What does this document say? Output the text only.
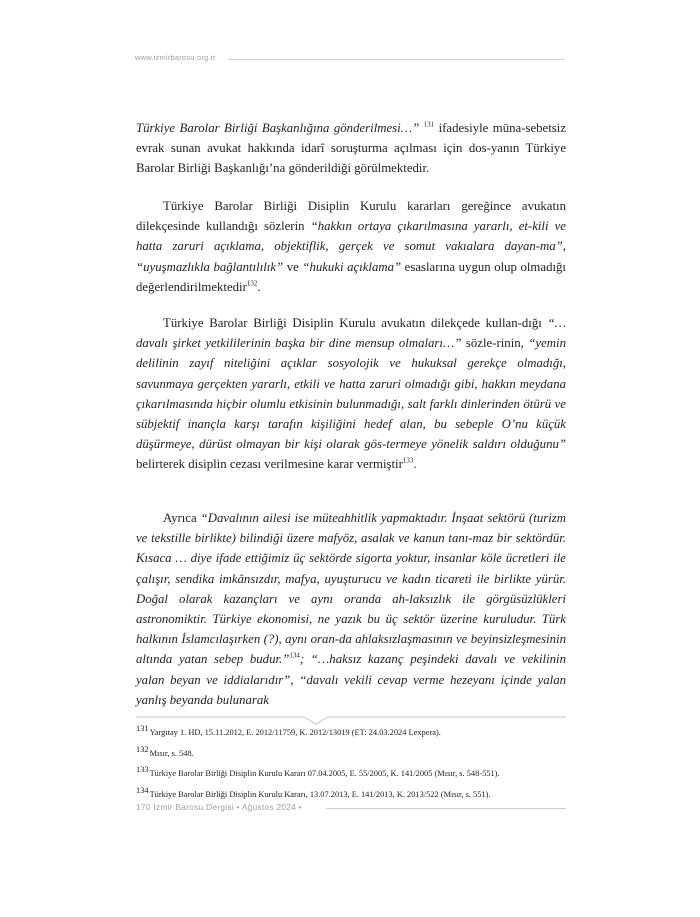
www.izmirbarosu.org.tr
Türkiye Barolar Birliği Başkanlığına gönderilmesi…” $^{131}$ ifadesiyle müna-sebetsiz evrak sunan avukat hakkında idarî soruşturma açılması için dos-yanın Türkiye Barolar Birliği Başkanlığı’na gönderildiği görülmektedir.
Türkiye Barolar Birliği Disiplin Kurulu kararları gereğince avukatın dilekçesinde kullandığı sözlerin “hakkın ortaya çıkarılmasına yararlı, et-kili ve hatta zaruri açıklama, objektiflik, gerçek ve somut vakıalara dayan-ma”, “uyuşmazlıkla bağlantılılık” ve “hukuki açıklama” esaslarına uygun olup olmadığı değerlendirilmektedir$^{132}$.
Türkiye Barolar Birliği Disiplin Kurulu avukatın dilekçede kullan-dığı “…davalı şirket yetkililerinin başka bir dine mensup olmaları…” sözle-rinin, “yemin delilinin zayıf niteliğini açıklar sosyolojik ve hukuksal gerekçe olmadığı, savunmaya gerçekten yararlı, etkili ve hatta zaruri olmadığı gibi, hakkın meydana çıkarılmasında hiçbir olumlu etkisinin bulunmadığı, salt farklı dinlerinden ötürü ve sübjektif inançla karşı tarafın kişiliğini hedef alan, bu sebeple O’nu küçük düşürmeye, dürüst olmayan bir kişi olarak gös-termeye yönelik saldırı olduğunu” belirterek disiplin cezası verilmesine karar vermiştir$^{133}$.
Ayrıca “Davalının ailesi ise müteahhitlik yapmaktadır. İnşaat sektörü (turizm ve tekstille birlikte) bilindiği üzere mafyöz, asalak ve kanun tanı-maz bir sektördür. Kısaca … diye ifade ettiğimiz üç sektörde sigorta yoktur, insanlar köle ücretleri ile çalışır, sendika imkânsızdır, mafya, uyuşturucu ve kadın ticareti ile birlikte yürür. Doğal olarak kazançları ve aynı oranda ah-laksızlık ile görgüsüzlükleri astronomiktir. Türkiye ekonomisi, ne yazık bu üç sektör üzerine kuruludur. Türk halkının İslamcılaşırken (?), aynı oran-da ahlaksızlaşmasının ve beyinsizleşmesinin altında yatan sebep budur.”$^{134}$; “…haksız kazanç peşindeki davalı ve vekilinin yalan beyan ve iddialarıdır”, “davalı vekili cevap verme hezeyanı içinde yalan yanlış beyanda bulunarak
131Yargıtay 1. HD, 15.11.2012, E. 2012/11759, K. 2012/13019 (ET: 24.03.2024 Lexpera).
132Mısır, s. 548.
133Türkiye Barolar Birliği Disiplin Kurulu Kararı 07.04.2005, E. 55/2005, K. 141/2005 (Mısır, s. 548-551).
134Türkiye Barolar Birliği Disiplin Kurulu Kararı, 13.07.2013, E. 141/2013, K. 2013/522 (Mısır, s. 551).
170 İzmir Barosu Dergisi • Ağustos 2024 •
